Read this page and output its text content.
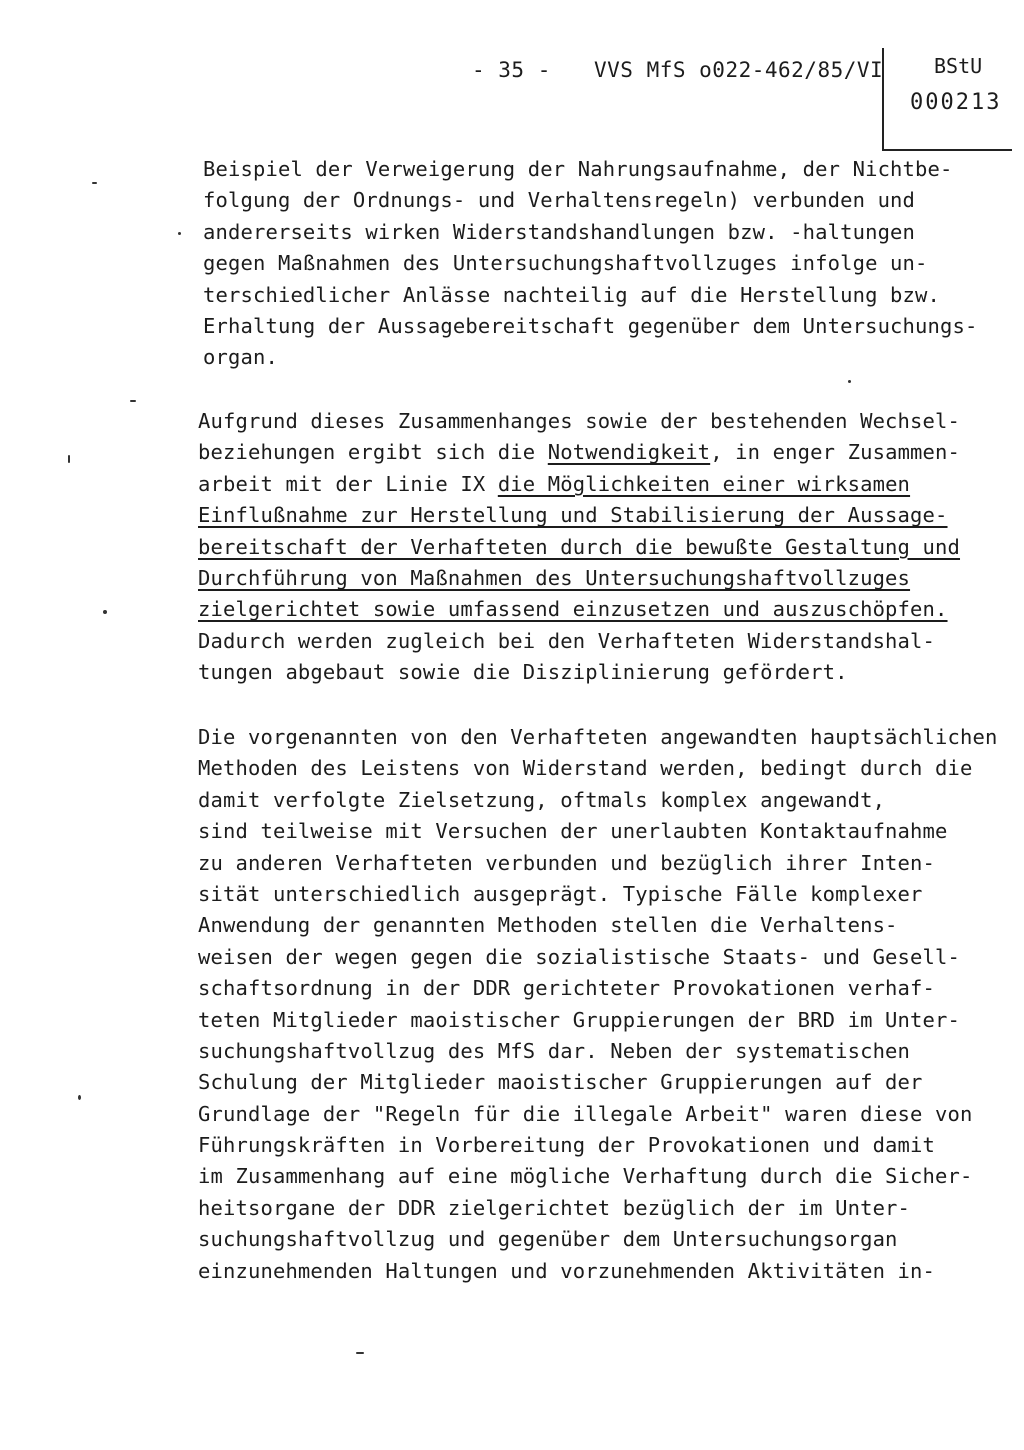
- 35 - VVS MfS o022-462/85/VI	BStU
000213
Beispiel der Verweigerung der Nahrungsaufnahme, der Nichtbe-
folgung der Ordnungs- und Verhaltensregeln) verbunden und
andererseits wirken Widerstandshandlungen bzw. -haltungen
gegen Maßnahmen des Untersuchungshaftvollzuges infolge un-
terschiedlicher Anlässe nachteilig auf die Herstellung bzw.
Erhaltung der Aussagebereitschaft gegenüber dem Untersuchungs-
organ.
Aufgrund dieses Zusammenhanges sowie der bestehenden Wechsel-
beziehungen ergibt sich die Notwendigkeit, in enger Zusammen-
arbeit mit der Linie IX die Möglichkeiten einer wirksamen
Einflußnahme zur Herstellung und Stabilisierung der Aussage-
bereitschaft der Verhafteten durch die bewußte Gestaltung und
Durchführung von Maßnahmen des Untersuchungshaftvollzuges
zielgerichtet sowie umfassend einzusetzen und auszuschöpfen.
Dadurch werden zugleich bei den Verhafteten Widerstandshal-
tungen abgebaut sowie die Disziplinierung gefördert.
Die vorgenannten von den Verhafteten angewandten hauptsächlichen
Methoden des Leistens von Widerstand werden, bedingt durch die
damit verfolgte Zielsetzung, oftmals komplex angewandt,
sind teilweise mit Versuchen der unerlaubten Kontaktaufnahme
zu anderen Verhafteten verbunden und bezüglich ihrer Inten-
sität unterschiedlich ausgeprägt. Typische Fälle komplexer
Anwendung der genannten Methoden stellen die Verhaltens-
weisen der wegen gegen die sozialistische Staats- und Gesell-
schaftsordnung in der DDR gerichteter Provokationen verhaf-
teten Mitglieder maoistischer Gruppierungen der BRD im Unter-
suchungshaftvollzug des MfS dar. Neben der systematischen
Schulung der Mitglieder maoistischer Gruppierungen auf der
Grundlage der "Regeln für die illegale Arbeit" waren diese von
Führungskräften in Vorbereitung der Provokationen und damit
im Zusammenhang auf eine mögliche Verhaftung durch die Sicher-
heitsorgane der DDR zielgerichtet bezüglich der im Unter-
suchungshaftvollzug und gegenüber dem Untersuchungsorgan
einzunehmenden Haltungen und vorzunehmenden Aktivitäten in-
